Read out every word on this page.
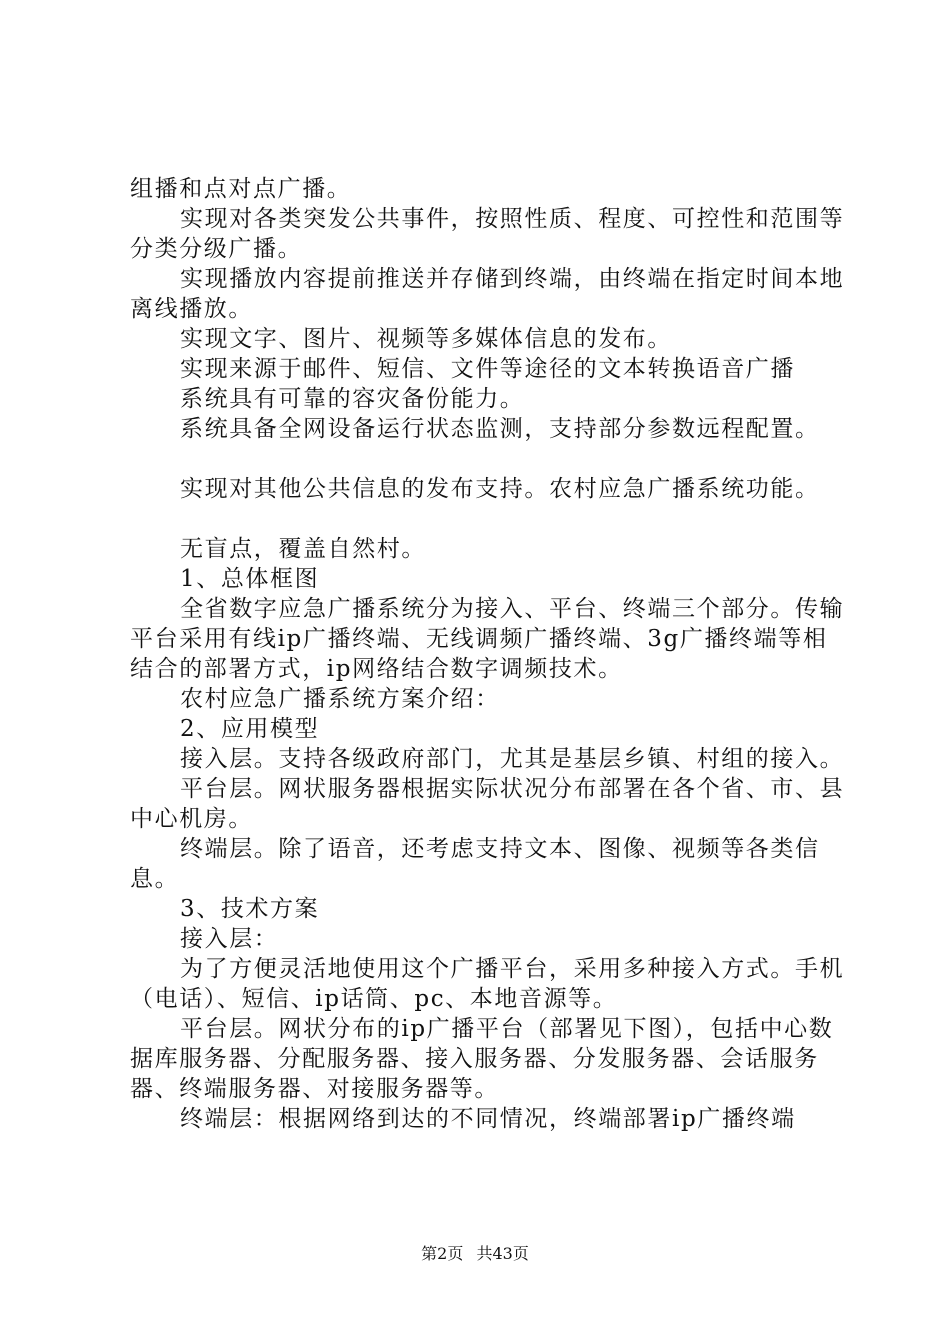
组播和点对点广播。

实现对各类突发公共事件，按照性质、程度、可控性和范围等分类分级广播。

实现播放内容提前推送并存储到终端，由终端在指定时间本地离线播放。

实现文字、图片、视频等多媒体信息的发布。

实现来源于邮件、短信、文件等途径的文本转换语音广播

系统具有可靠的容灾备份能力。

系统具备全网设备运行状态监测，支持部分参数远程配置。

实现对其他公共信息的发布支持。农村应急广播系统功能。

无盲点，覆盖自然村。

1、总体框图

全省数字应急广播系统分为接入、平台、终端三个部分。传输平台采用有线ip广播终端、无线调频广播终端、3g广播终端等相结合的部署方式，ip网络结合数字调频技术。

农村应急广播系统方案介绍：

2、应用模型

接入层。支持各级政府部门，尤其是基层乡镇、村组的接入。

平台层。网状服务器根据实际状况分布部署在各个省、市、县中心机房。

终端层。除了语音，还考虑支持文本、图像、视频等各类信息。

3、技术方案

接入层：

为了方便灵活地使用这个广播平台，采用多种接入方式。手机（电话）、短信、ip话筒、pc、本地音源等。

平台层。网状分布的ip广播平台（部署见下图），包括中心数据库服务器、分配服务器、接入服务器、分发服务器、会话服务器、终端服务器、对接服务器等。

终端层：根据网络到达的不同情况，终端部署ip广播终端

第2页 共43页
